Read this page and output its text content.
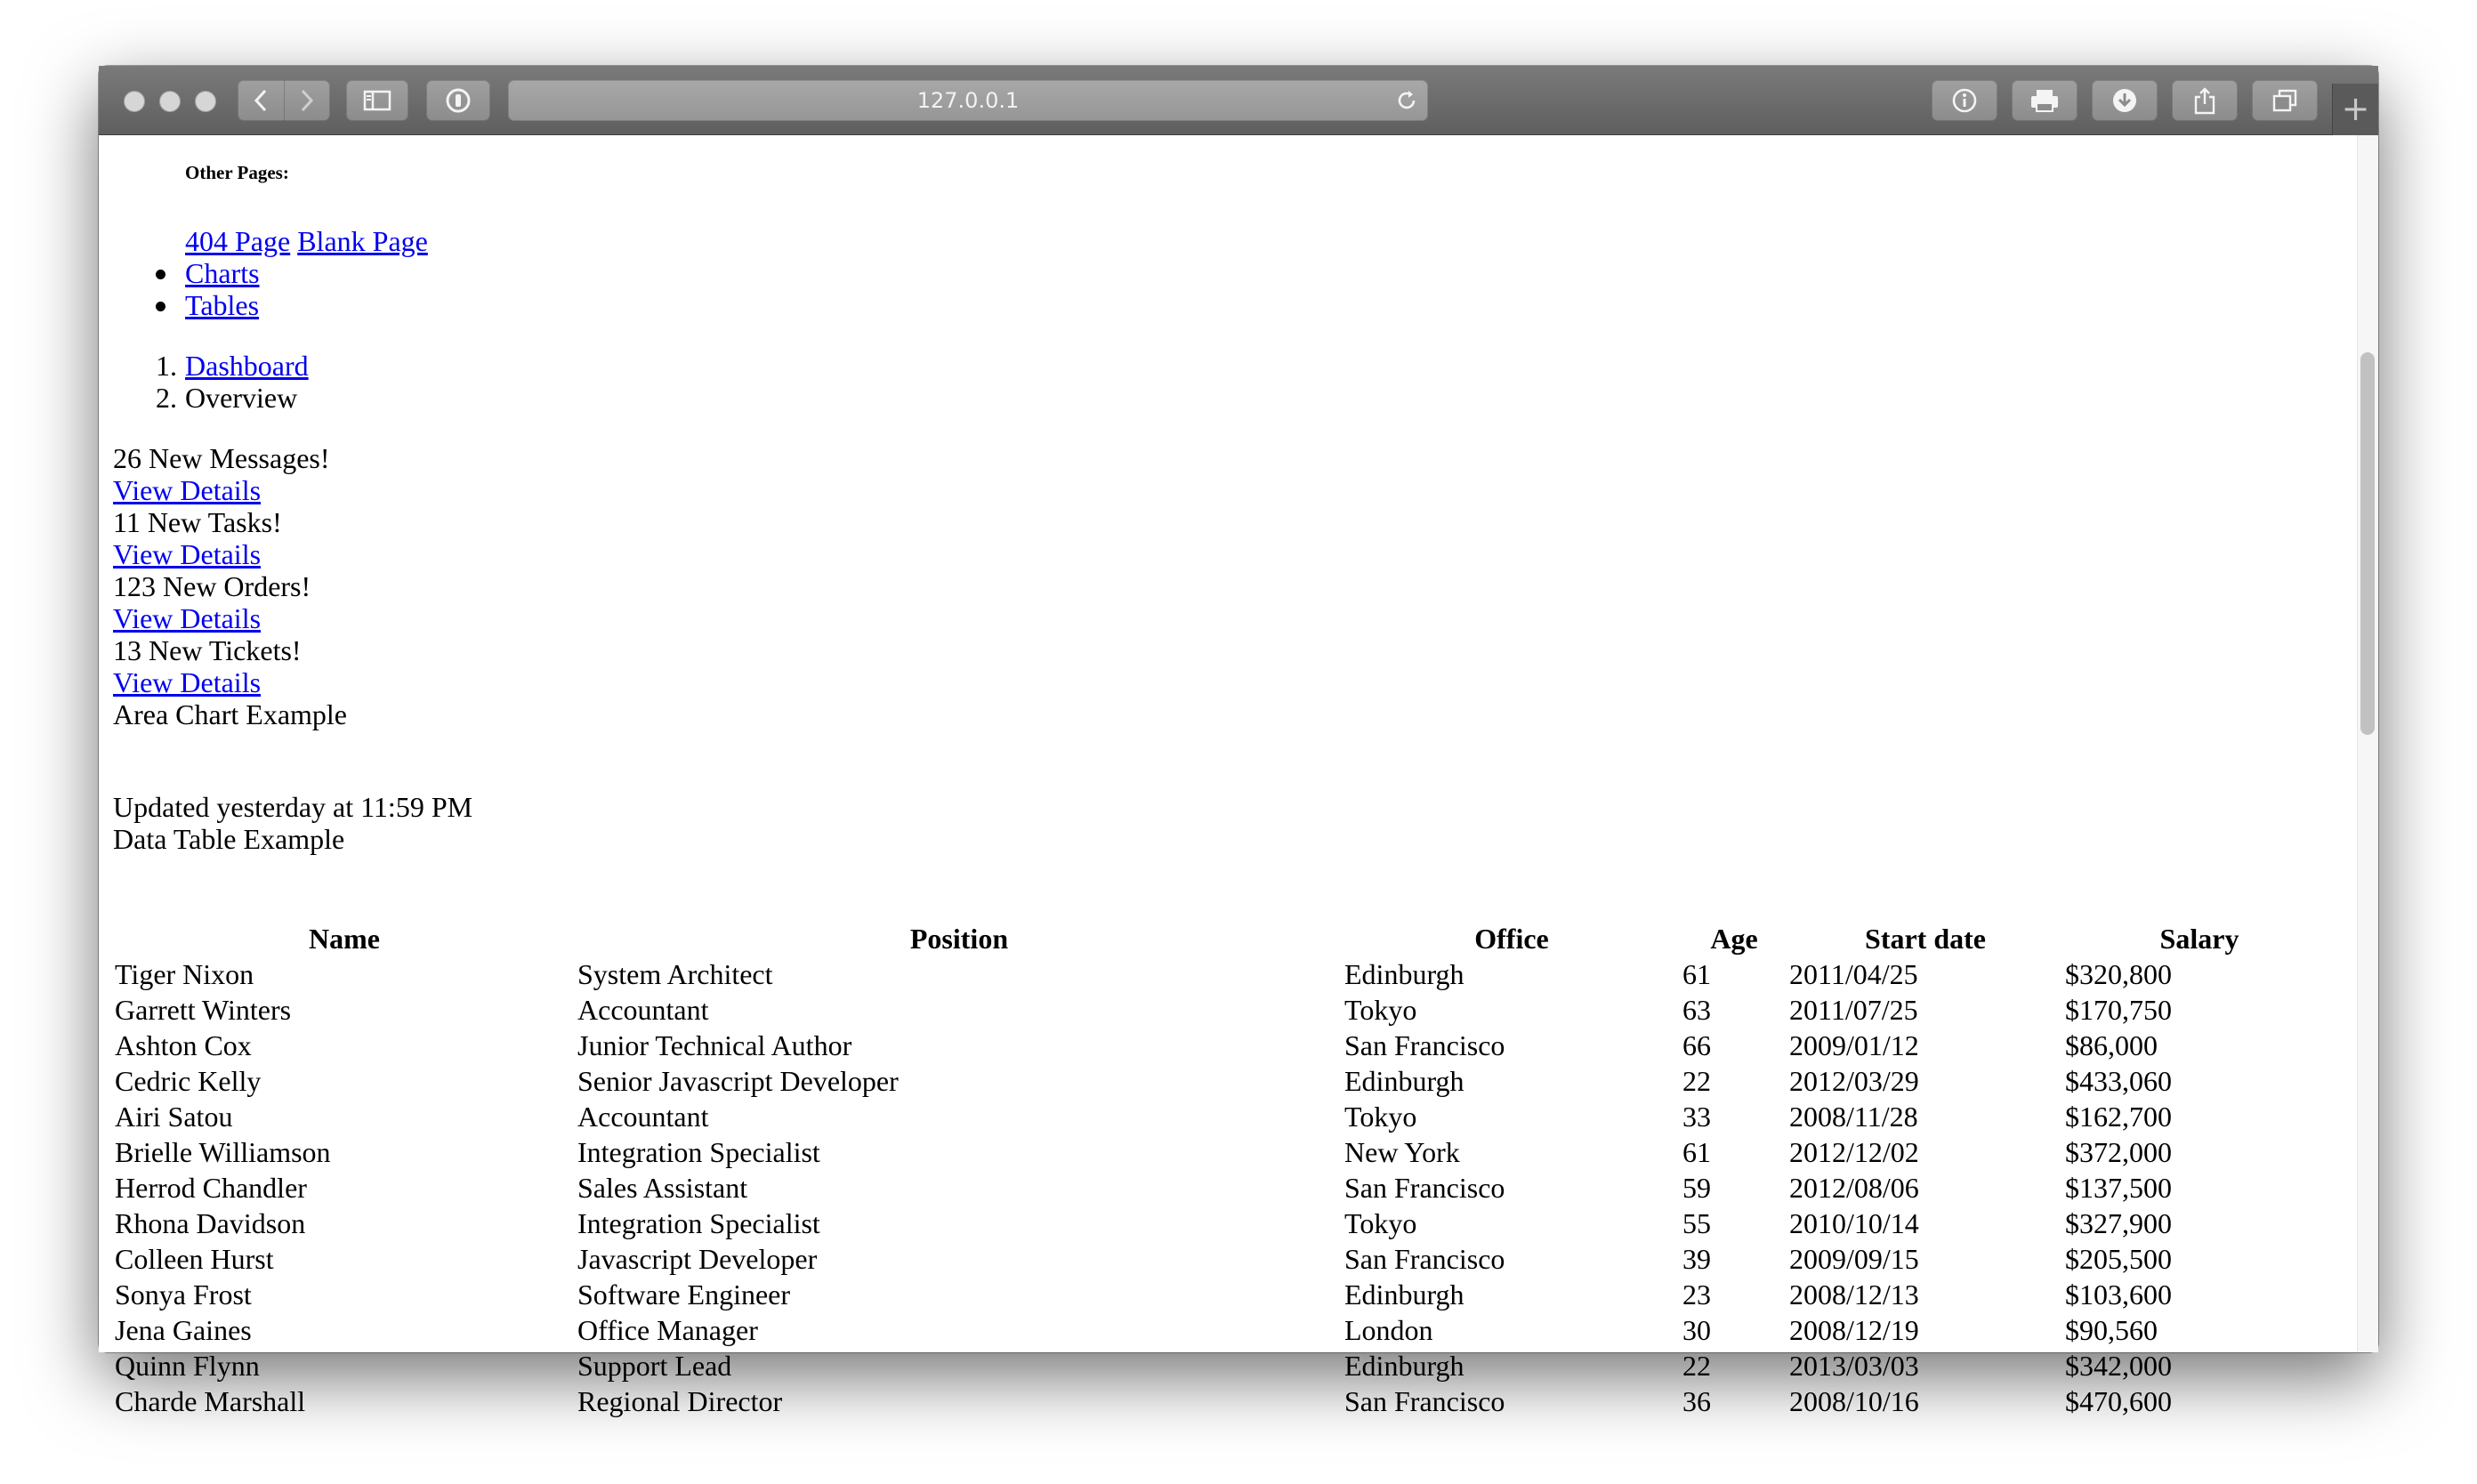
127.0.0.1	+
Other Pages:
404 Page Blank Page
Charts
Tables
1. Dashboard
2. Overview
26 New Messages!
View Details
11 New Tasks!
View Details
123 New Orders!
View Details
13 New Tickets!
View Details
Area Chart Example
Updated yesterday at 11:59 PM
Data Table Example
Name	Position	Office	Age	Start date	Salary
Tiger Nixon	System Architect	Edinburgh	61	2011/04/25	$320,800
Garrett Winters	Accountant	Tokyo	63	2011/07/25	$170,750
Ashton Cox	Junior Technical Author	San Francisco	66	2009/01/12	$86,000
Cedric Kelly	Senior Javascript Developer	Edinburgh	22	2012/03/29	$433,060
Airi Satou	Accountant	Tokyo	33	2008/11/28	$162,700
Brielle Williamson	Integration Specialist	New York	61	2012/12/02	$372,000
Herrod Chandler	Sales Assistant	San Francisco	59	2012/08/06	$137,500
Rhona Davidson	Integration Specialist	Tokyo	55	2010/10/14	$327,900
Colleen Hurst	Javascript Developer	San Francisco	39	2009/09/15	$205,500
Sonya Frost	Software Engineer	Edinburgh	23	2008/12/13	$103,600
Jena Gaines	Office Manager	London	30	2008/12/19	$90,560
Quinn Flynn	Support Lead	Edinburgh	22	2013/03/03	$342,000
Charde Marshall	Regional Director	San Francisco	36	2008/10/16	$470,600
